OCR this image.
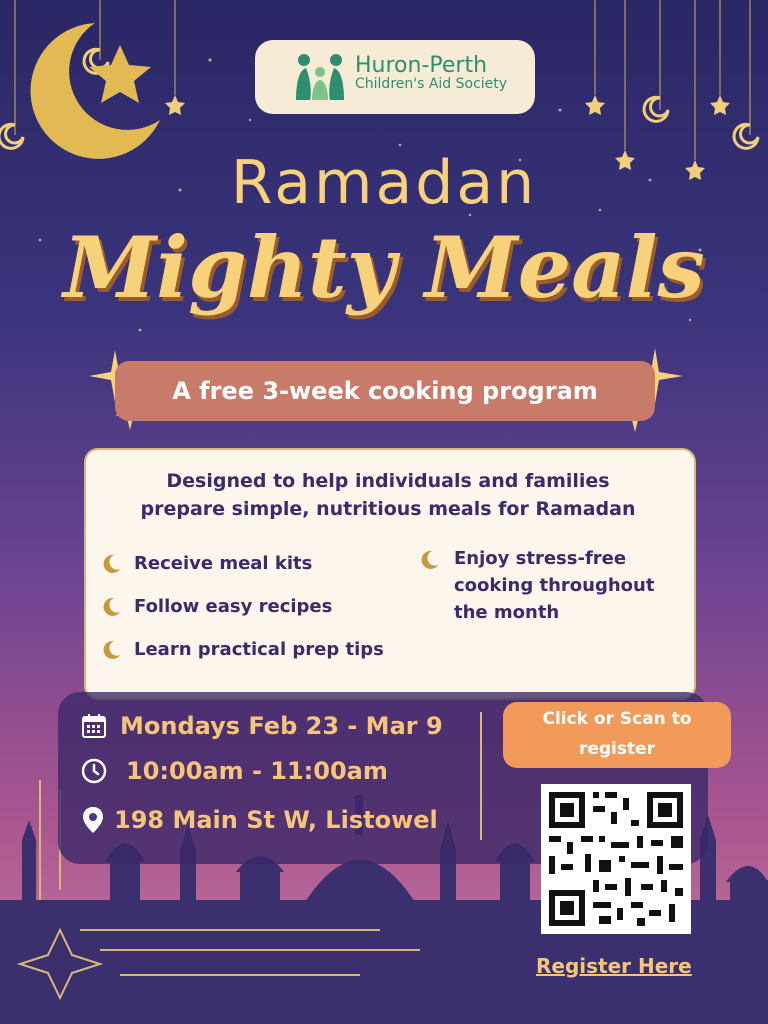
Huron-Perth
Children's Aid Society
Ramadan
Mighty Meals
A free 3-week cooking program
Designed to help individuals and families
prepare simple, nutritious meals for Ramadan
Receive meal kits
Follow easy recipes
Learn practical prep tips
Enjoy stress-free
cooking throughout
the month
Mondays Feb 23 - Mar 9
10:00am - 11:00am
198 Main St W, Listowel
Click or Scan to
register
Register Here
